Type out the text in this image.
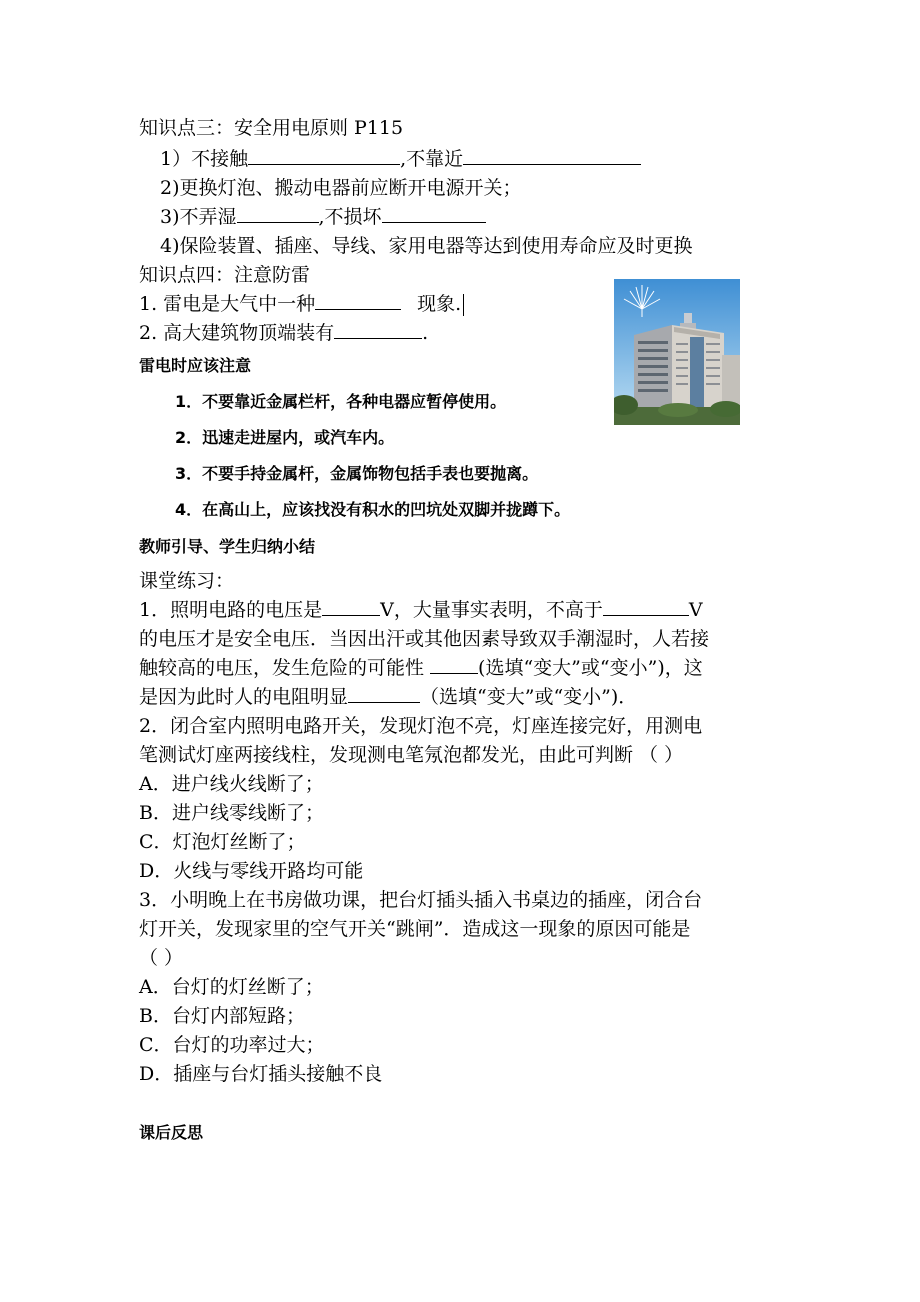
知识点三：安全用电原则 P115
1）不接触	,不靠近
2)更换灯泡、搬动电器前应断开电源开关；
3)不弄湿	,不损坏
4)保险装置、插座、导线、家用电器等达到使用寿命应及时更换
知识点四：注意防雷
1. 雷电是大气中一种	现象.
2. 高大建筑物顶端装有	.
雷电时应该注意
1．不要靠近金属栏杆，各种电器应暂停使用。
2．迅速走进屋内，或汽车内。
3．不要手持金属杆，金属饰物包括手表也要抛离。
4．在高山上，应该找没有积水的凹坑处双脚并拢蹲下。
教师引导、学生归纳小结
课堂练习：
1．照明电路的电压是	V，大量事实表明，不高于	V
的电压才是安全电压．当因出汗或其他因素导致双手潮湿时，人若接
触较高的电压，发生危险的可能性	(选填“变大”或“变小”)，这
是因为此时人的电阻明显	（选填“变大”或“变小”)．
2．闭合室内照明电路开关，发现灯泡不亮，灯座连接完好，用测电
笔测试灯座两接线柱，发现测电笔氖泡都发光，由此可判断 （ ）
A．进户线火线断了；
B．进户线零线断了；
C．灯泡灯丝断了；
D．火线与零线开路均可能
3．小明晚上在书房做功课，把台灯插头插入书桌边的插座，闭合台
灯开关，发现家里的空气开关“跳闸”．造成这一现象的原因可能是
（ ）
A．台灯的灯丝断了；
B．台灯内部短路；
C．台灯的功率过大；
D．插座与台灯插头接触不良
课后反思
